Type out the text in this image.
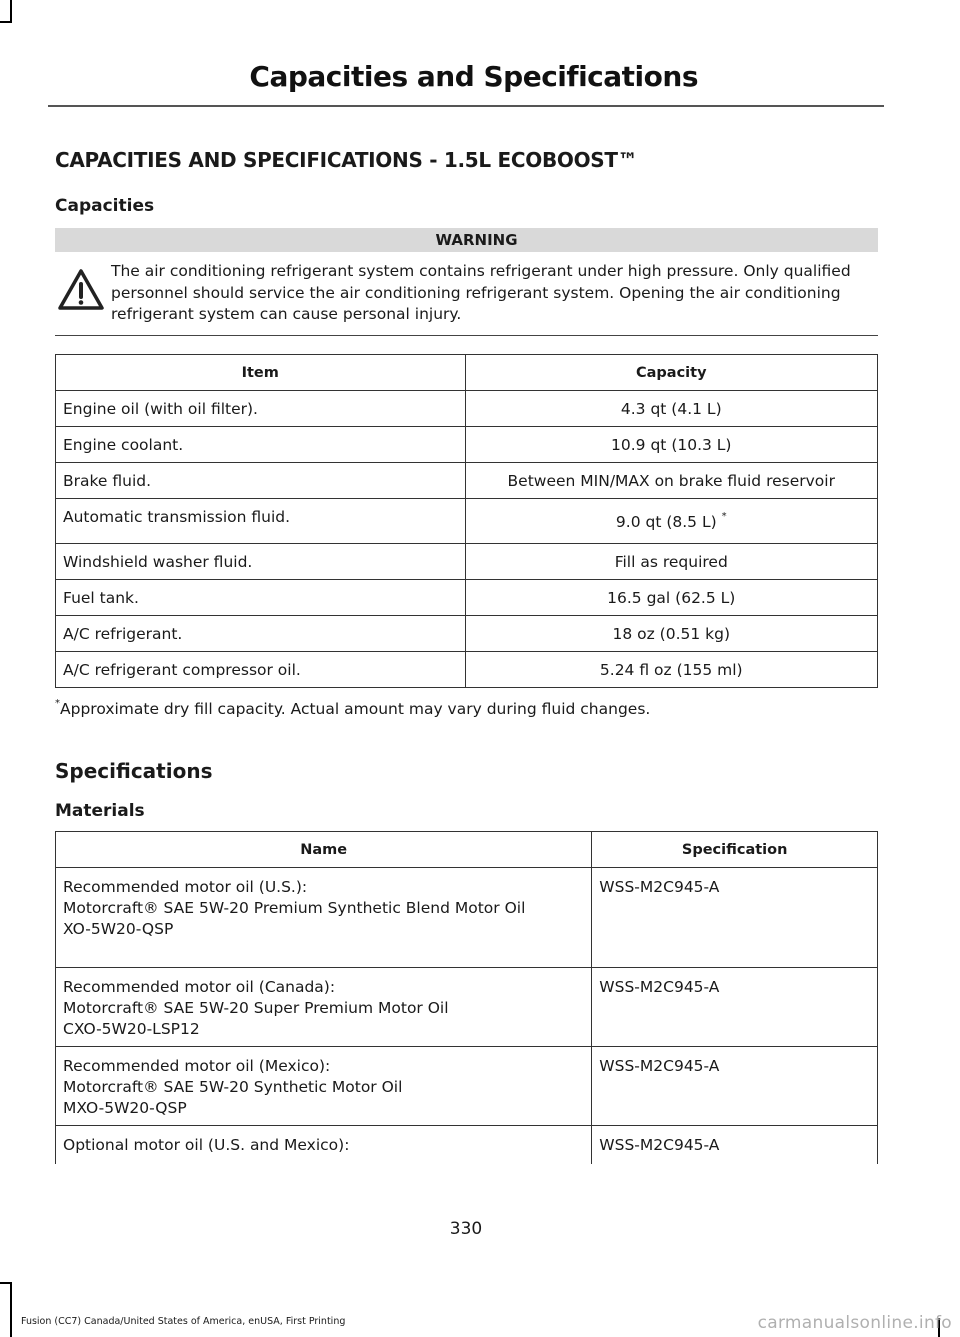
Capacities and Specifications
CAPACITIES AND SPECIFICATIONS - 1.5L ECOBOOST™
Capacities
WARNING
The air conditioning refrigerant system contains refrigerant under high pressure. Only qualified personnel should service the air conditioning refrigerant system. Opening the air conditioning refrigerant system can cause personal injury.
Item	Capacity
Engine oil (with oil filter).	4.3 qt (4.1 L)
Engine coolant.	10.9 qt (10.3 L)
Brake fluid.	Between MIN/MAX on brake fluid reservoir
Automatic transmission fluid.	9.0 qt (8.5 L) *
Windshield washer fluid.	Fill as required
Fuel tank.	16.5 gal (62.5 L)
A/C refrigerant.	18 oz (0.51 kg)
A/C refrigerant compressor oil.	5.24 fl oz (155 ml)
*Approximate dry fill capacity. Actual amount may vary during fluid changes.
Specifications
Materials
Name	Specification

Recommended motor oil (U.S.):
Motorcraft® SAE 5W-20 Premium Synthetic Blend Motor Oil
XO-5W20-QSP	WSS-M2C945-A

Recommended motor oil (Canada):
Motorcraft® SAE 5W-20 Super Premium Motor Oil
CXO-5W20-LSP12	WSS-M2C945-A

Recommended motor oil (Mexico):
Motorcraft® SAE 5W-20 Synthetic Motor Oil
MXO-5W20-QSP	WSS-M2C945-A

Optional motor oil (U.S. and Mexico):	WSS-M2C945-A
330
Fusion (CC7) Canada/United States of America, enUSA, First Printing	carmanualsonline.info
